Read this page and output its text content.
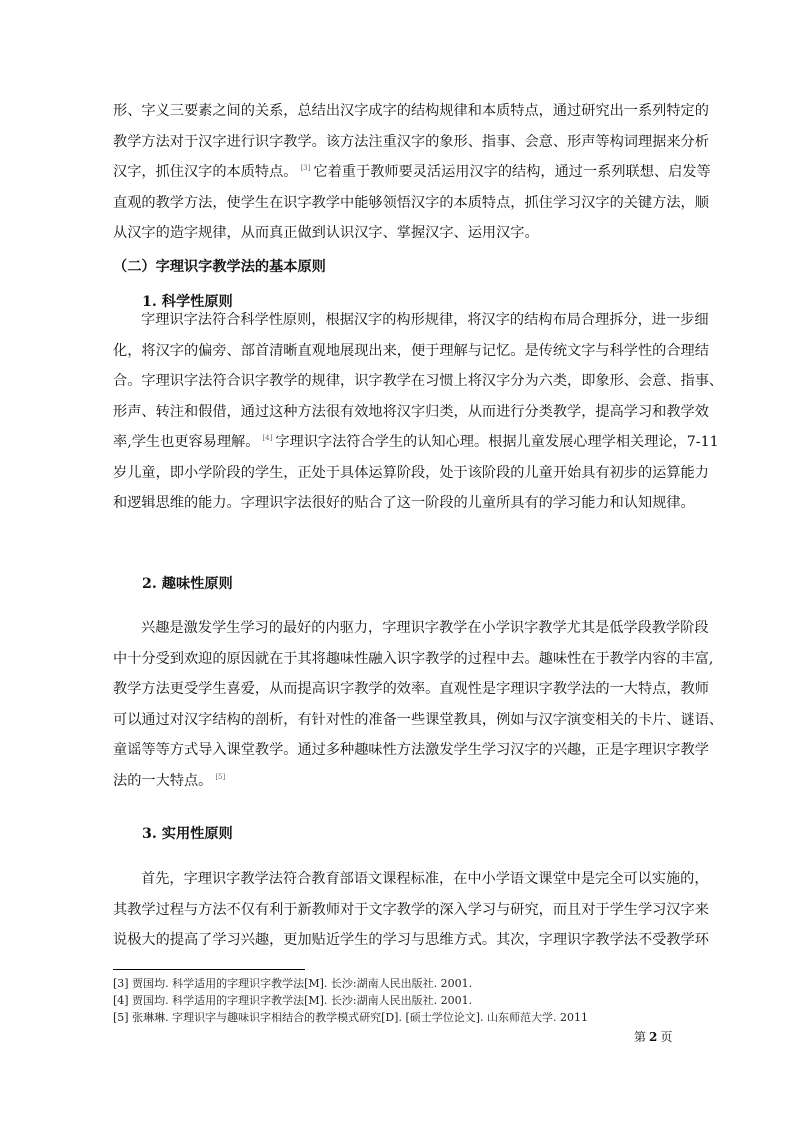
形、字义三要素之间的关系，总结出汉字成字的结构规律和本质特点，通过研究出一系列特定的
教学方法对于汉字进行识字教学。该方法注重汉字的象形、指事、会意、形声等构词理据来分析
汉字，抓住汉字的本质特点。 [3] 它着重于教师要灵活运用汉字的结构，通过一系列联想、启发等
直观的教学方法，使学生在识字教学中能够领悟汉字的本质特点，抓住学习汉字的关键方法，顺
从汉字的造字规律，从而真正做到认识汉字、掌握汉字、运用汉字。
（二）字理识字教学法的基本原则
1. 科学性原则
字理识字法符合科学性原则，根据汉字的构形规律，将汉字的结构布局合理拆分，进一步细
化，将汉字的偏旁、部首清晰直观地展现出来，便于理解与记忆。是传统文字与科学性的合理结
合。字理识字法符合识字教学的规律，识字教学在习惯上将汉字分为六类，即象形、会意、指事、
形声、转注和假借，通过这种方法很有效地将汉字归类，从而进行分类教学，提高学习和教学效
率,学生也更容易理解。 [4] 字理识字法符合学生的认知心理。根据儿童发展心理学相关理论，7-11
岁儿童，即小学阶段的学生，正处于具体运算阶段，处于该阶段的儿童开始具有初步的运算能力
和逻辑思维的能力。字理识字法很好的贴合了这一阶段的儿童所具有的学习能力和认知规律。
2. 趣味性原则
兴趣是激发学生学习的最好的内驱力，字理识字教学在小学识字教学尤其是低学段教学阶段
中十分受到欢迎的原因就在于其将趣味性融入识字教学的过程中去。趣味性在于教学内容的丰富,
教学方法更受学生喜爱，从而提高识字教学的效率。直观性是字理识字教学法的一大特点，教师
可以通过对汉字结构的剖析，有针对性的准备一些课堂教具，例如与汉字演变相关的卡片、谜语、
童谣等等方式导入课堂教学。通过多种趣味性方法激发学生学习汉字的兴趣，正是字理识字教学
法的一大特点。 [5]
3. 实用性原则
首先，字理识字教学法符合教育部语文课程标准，在中小学语文课堂中是完全可以实施的，
其教学过程与方法不仅有利于新教师对于文字教学的深入学习与研究，而且对于学生学习汉字来
说极大的提高了学习兴趣，更加贴近学生的学习与思维方式。其次，字理识字教学法不受教学环
[3] 贾国均. 科学适用的字理识字教学法[M]. 长沙:湖南人民出版社. 2001.
[4] 贾国均. 科学适用的字理识字教学法[M]. 长沙:湖南人民出版社. 2001.
[5] 张琳琳. 字理识字与趣味识字相结合的教学模式研究[D]. [硕士学位论文]. 山东师范大学. 2011
第 2 页
